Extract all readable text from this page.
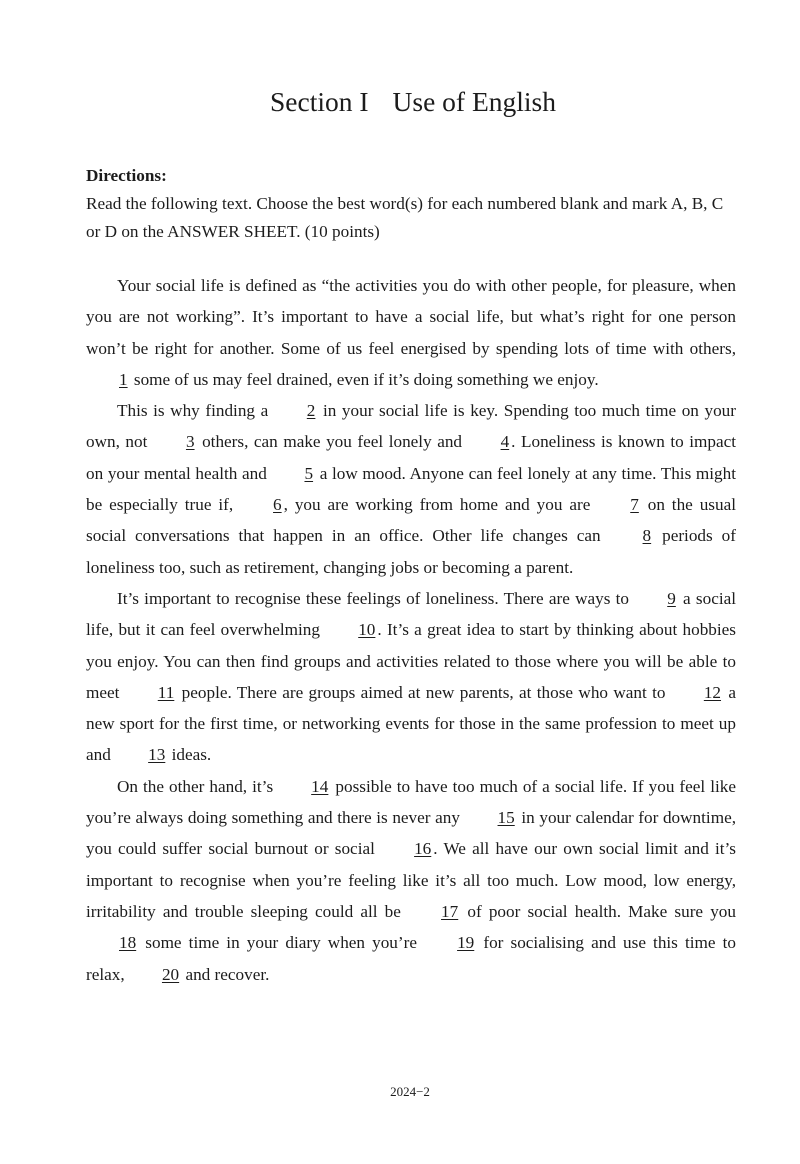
Section I Use of English
Directions:
Read the following text. Choose the best word(s) for each numbered blank and mark A, B, C or D on the ANSWER SHEET. (10 points)

Your social life is defined as “the activities you do with other people, for pleasure, when you are not working”. It’s important to have a social life, but what’s right for one person won’t be right for another. Some of us feel energised by spending lots of time with others, 1 some of us may feel drained, even if it’s doing something we enjoy.

This is why finding a 2 in your social life is key. Spending too much time on your own, not 3 others, can make you feel lonely and 4 . Loneliness is known to impact on your mental health and 5 a low mood. Anyone can feel lonely at any time. This might be especially true if, 6 , you are working from home and you are 7 on the usual social conversations that happen in an office. Other life changes can 8 periods of loneliness too, such as retirement, changing jobs or becoming a parent.

It’s important to recognise these feelings of loneliness. There are ways to 9 a social life, but it can feel overwhelming 10 . It’s a great idea to start by thinking about hobbies you enjoy. You can then find groups and activities related to those where you will be able to meet 11 people. There are groups aimed at new parents, at those who want to 12 a new sport for the first time, or networking events for those in the same profession to meet up and 13 ideas.

On the other hand, it’s 14 possible to have too much of a social life. If you feel like you’re always doing something and there is never any 15 in your calendar for downtime, you could suffer social burnout or social 16 . We all have our own social limit and it’s important to recognise when you’re feeling like it’s all too much. Low mood, low energy, irritability and trouble sleeping could all be 17 of poor social health. Make sure you 18 some time in your diary when you’re 19 for socialising and use this time to relax, 20 and recover.

2024−2
